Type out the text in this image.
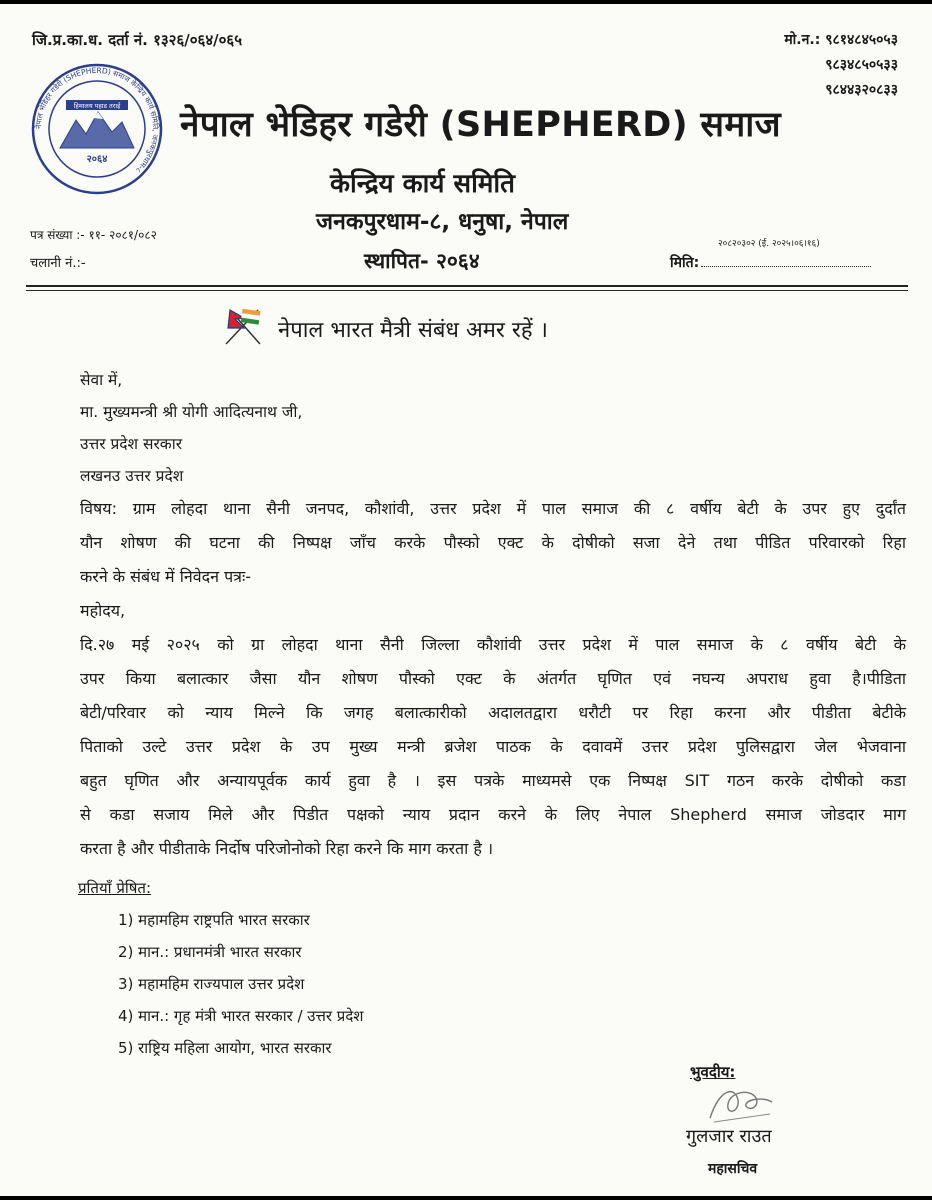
जि.प्र.का.ध. दर्ता नं. १३२६/०६४/०६५	मो.न.: ९८१४८४५०५३
९८३४८५०५३३
९८४४३२०८३३
नेपाल भेडिहर गडेरी (SHEPHERD) समाज केन्द्रिय कार्य समिति, जनकपुरधाम-८
हिमालय पहाड तराई
२०६४
नेपाल भेडिहर गडेरी (SHEPHERD) समाज
केन्द्रिय कार्य समिति
जनकपुरधाम-८, धनुषा, नेपाल
स्थापित- २०६४
पत्र संख्या :- ११- २०८१/०८२
चलानी नं.:-
२०८२०३०२ (ई. २०२५।०६।१६)
मिति:
नेपाल भारत मैत्री संबंध अमर रहें ।
सेवा में,
मा. मुख्यमन्त्री श्री योगी आदित्यनाथ जी,
उत्तर प्रदेश सरकार
लखनउ उत्तर प्रदेश
विषय: ग्राम लोहदा थाना सैनी जनपद, कौशांवी, उत्तर प्रदेश में पाल समाज की ८ वर्षीय बेटी के उपर हुए दुर्दांत
यौन शोषण की घटना की निष्पक्ष जाँच करके पौस्को एक्ट के दोषीको सजा देने तथा पीडित परिवारको रिहा
करने के संबंध में निवेदन पत्रः-
महोदय,
दि.२७ मई २०२५ को ग्रा लोहदा थाना सैनी जिल्ला कौशांवी उत्तर प्रदेश में पाल समाज के ८ वर्षीय बेटी के
उपर किया बलात्कार जैसा यौन शोषण पौस्को एक्ट के अंतर्गत घृणित एवं नघन्य अपराध हुवा है।पीडिता
बेटी/परिवार को न्याय मिल्ने कि जगह बलात्कारीको अदालतद्वारा धरौटी पर रिहा करना और पीडीता बेटीके
पिताको उल्टे उत्तर प्रदेश के उप मुख्य मन्त्री ब्रजेश पाठक के दवावमें उत्तर प्रदेश पुलिसद्वारा जेल भेजवाना
बहुत घृणित और अन्यायपूर्वक कार्य हुवा है । इस पत्रके माध्यमसे एक निष्पक्ष SIT गठन करके दोषीको कडा
से कडा सजाय मिले और पिडीत पक्षको न्याय प्रदान करने के लिए नेपाल Shepherd समाज जोडदार माग
करता है और पीडीताके निर्दोष परिजोनोको रिहा करने कि माग करता है ।
प्रतियाँ प्रेषित:
1) महामहिम राष्ट्रपति भारत सरकार
2) मान.: प्रधानमंत्री भारत सरकार
3) महामहिम राज्यपाल उत्तर प्रदेश
4) मान.: गृह मंत्री भारत सरकार / उत्तर प्रदेश
5) राष्ट्रिय महिला आयोग, भारत सरकार
भुवदीय:
गुलजार राउत
महासचिव
